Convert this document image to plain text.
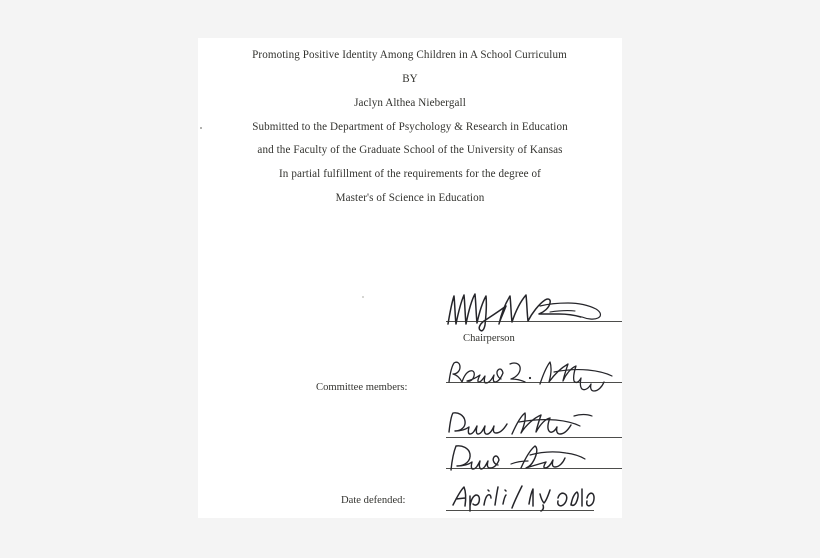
Promoting Positive Identity Among Children in A School Curriculum
BY
Jaclyn Althea Niebergall
Submitted to the Department of Psychology & Research in Education
and the Faculty of the Graduate School of the University of Kansas
In partial fulfillment of the requirements for the degree of
Master's of Science in Education
Chairperson
Committee members:
Date defended:
